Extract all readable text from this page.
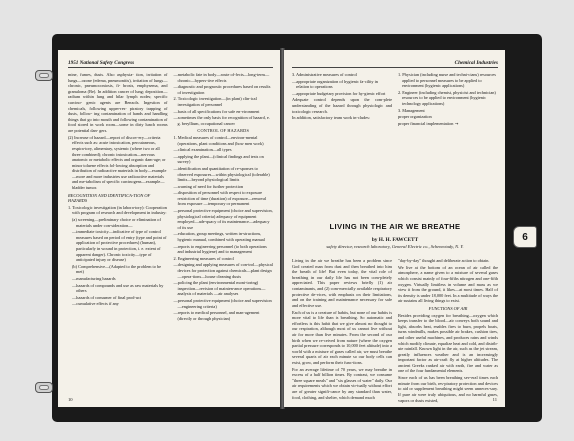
1951 National Safety Congress

mine, fumes, dusts. Also asphyxia- tion, irritation of lungs—ozone (edema, pneumonitis), irritation of lungs—chronic, pneumoconiosis, fi- brosis, emphysema, and granuloma (Be). In addition cancer of lung; deposition—radium within lung and hilar lymph nodes; specific carcino- genic agents are Benzols. Ingestion of chemicals, following upper-res- piratory trapping of dusts, follow- ing contamination of hands and handling things that go into mouth and following contamination of food stored in work room—some in dirty lunch rooms are potential dan- gers.

(2) Increase of hazard—report of discov-ery—criteria effects such as: acute intoxication, percutaneous, respira-tory, alimentary, systemic (where two or all three combined); chronic intoxication—nervous anatomic or metabolic effects and organic dam-age; or minor toluene effects fol-lowing absorption and distribution of radioactive materials in body—example—more and more industries use radioactive materials and me-tabolism of specific carcinogens—example—bladder tumor.

RECOGNITION AND IDENTIFICA-TION OF HAZARDS

1. Toxicologic investigation (in labora-tory): Cooperation with program of research and development in industry:

(a) screening—preliminary choice or elimination of materials under con-sideration—

—immediate toxicity—indicative of type of control measures based on period of entry (type and point of application of protective procedures) (human), particularly in wound in protection, i. e. extent of apparent danger). Chronic toxicity—type of anticipated injury or disease)

(b) Comprehensive—(Adapted to the problem to be met)

—manufacturing hazards

—hazards of compounds and use as raw materials by others

—hazards of consumer of final prod-uct

—cumulative effects if any

—metabolic fate in body—route of-fects—long-term—chronic—hypers-tive effects

—diagnostic and prognostic procedures based on results of investigation

2. Toxicologic investigation—(in plant) clin-ical investigation of personnel

—basis of all specifications for safe en-vironment

—sometimes the only basis for recognition of hazard, e. g. beryllium, occupational cancer

CONTROL OF HAZARDS

1. Medical measures of control—environ-mental (operations, plant conditions and (how men work)

—clinical examination—all types

—applying the plant—(clinical findings and tests on survey)

—identification and quantitation of re-sponses to observed exposures—within physiological (tolerable) limits—beyond physiological limits

—warning of need for further protection

—disposition of personnel with respect to exposure restriction of time (duration) of exposure—removal from exposure —temporary or permanent

—personal protective equipment (choice and supervision, physiological criteria) adequacy of equipment employed—ade-quacy of its maintenance—adequacy of its use

—education, group meetings, written in-structions, hygienic manual, combined with operating manual

—reports to engineering personnel (to both operations and industrial hygiene) and to management

2. Engineering measures of control

—designing and applying measures of con-trol—physical devices for protection against chemicals—plant design—opera-tions—house cleaning dusts

—policing the plant (environmental moni-toring) inspection—revision of mainten-ance operations—analysis of materials —air analyses

—personal protective equipment (choice and supervision—engineering criteria)

—reports to medical personnel, and man-agement (directly or through physician)

10
Chemical Industries

3. Administrative measures of control

—appropriate organization of hygienic fa-cility in relation to operations

—appropriate budgetary provision for hy-gienic effort

Adequate control depends upon the com-plete understanding of the hazard through physiologic and toxicologic research.

In addition, satisfactory team work in-cludes:

1. Physician (including nurse and techni-cians) resources applied to personnel measures to be applied to environment (hygienic applications)

2. Engineer (including chemist, physicist and technician) resources to be applied to environment (hygienic technology applications)

3. Management

proper organization

proper financial implementation →

LIVING IN THE AIR WE BREATHE
by H. H. FAWCETT
safety director, research laboratory, General Electric co., Schenectady, N. Y.

Living in the air we breathe has been a problem since God created man from dust and then breathed into him the breath of life! But even today, the vital role of breathing in our daily life has not been com-pletely appreciated. This paper reviews briefly (1) air contaminants, and (2) com-mercially available respiratory protective de-vices, with emphasis on their limitations, and on the training and maintenance necessary for safe and effective use.

Each of us is a creature of habits, but none of our habits is more vital to life than is breathing. So automatic and effortless is this habit that we give almost no thought to our respiration, although most of us cannot live without air for more than five minutes. From the second of our birth when we re-ceived from nature (where the oxygen partial pressure corresponds to 10,000 feet altitude) into a world with a mixture of gases called air, we must breathe several quarts of air each minute so our body cells can exist, grow, and perform their func-tions.

For an average lifetime of 70 years, we may breathe in excess of a half billion times. By contrast, we consume "three square meals" and "six glasses of water" daily. Our air requirements which we obtain vir-tually without effort are of greater signifi-cance by any standard than water, food, clothing, and shelter, which demand much

"day-by-day" thought and deliberate action to obtain.

We live at the bottom of an ocean of air called the atmosphere, a name given to a mixture of several gases which consist mainly of four-fifths nitrogen and one-fifth oxygen. Virtually limitless in volume and mass as we view it from the ground, it likes—at most times. Half of its density is under 18,000 feet. In a multitude of ways the air sustains all living things to exist.

FUNCTIONS OF AIR

Besides providing oxygen for breathing—oxygen which keeps transfer to the blood—air conveys both sound and light, absorbs heat, enables fires to burn, propels boats, turns windmills, makes possible air brakes, cushion tires, and other useful machines, and produces rains and winds which modify climate, equalize heat and cold, and distrib-ute rainfall. Known light in the air, such as the jet stream, greatly influences weather and is an increasingly important factor as air-craft fly at higher altitudes. The ancient Greeks ranked air with earth, fire and water as one of the four fundamental elements.

Since each of us has been breathing sev-eral times each minute from our birth, res-piratory protection and devices to aid or supplement breathing might seem unneces-sary. If pure air were truly ubiquitous, and no harmful gases, vapors or dusts existed,	11
6
